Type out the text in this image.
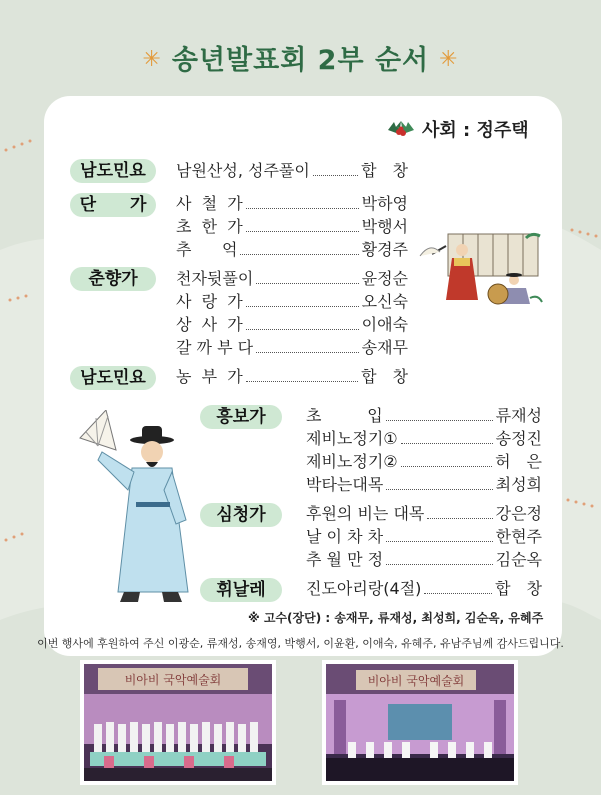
✳ 송년발표회 2부 순서 ✳
사회 : 정주택
남도민요	남원산성, 성주풀이	합　창
단　　가	사  철  가	박하영
초  한  가	박행서
추      억	황경주
춘향가	천자뒷풀이	윤정순
사  랑  가	오신숙
상  사  가	이애숙
갈 까 부 다	송재무
남도민요	농  부  가	합　창
흥보가	초         입	류재성
제비노정기①	송정진
제비노정기②	허　은
박타는대목	최성희
심청가	후원의 비는 대목	강은정
날 이 차 차	한현주
추 월 만 정	김순옥
휘날레	진도아리랑(4절)	합　창
※ 고수(장단) : 송재무, 류재성, 최성희, 김순옥, 유혜주
이번 행사에 후원하여 주신 이광순, 류재성, 송재영, 박행서, 이윤환, 이애숙, 유혜주, 유남주님께 감사드립니다.
비아비 국악예술회	비아비 국악예술회
